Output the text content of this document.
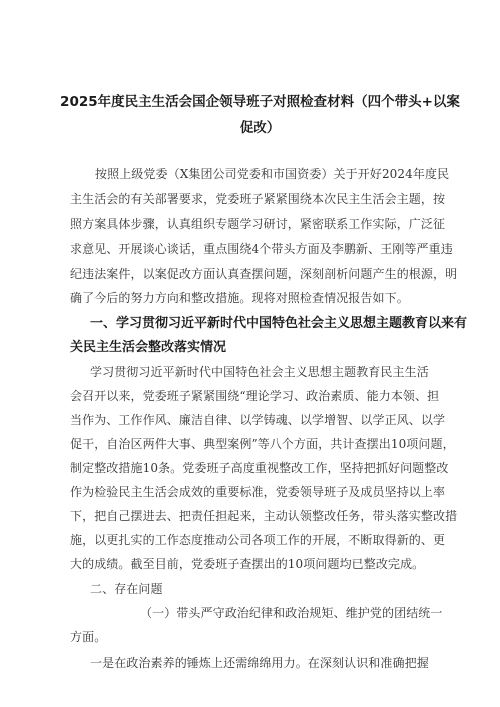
2025年度民主生活会国企领导班子对照检查材料（四个带头+以案
促改）
按照上级党委（X集团公司党委和市国资委）关于开好2024年度民
主生活会的有关部署要求，党委班子紧紧围绕本次民主生活会主题，按
照方案具体步骤，认真组织专题学习研讨，紧密联系工作实际，广泛征
求意见、开展谈心谈话，重点围绕4个带头方面及李鹏新、王刚等严重违
纪违法案件，以案促改方面认真查摆问题，深刻剖析问题产生的根源，明
确了今后的努力方向和整改措施。现将对照检查情况报告如下。
一、学习贯彻习近平新时代中国特色社会主义思想主题教育以来有
关民主生活会整改落实情况
学习贯彻习近平新时代中国特色社会主义思想主题教育民主生活
会召开以来，党委班子紧紧围绕“理论学习、政治素质、能力本领、担
当作为、工作作风、廉洁自律、以学铸魂、以学增智、以学正风、以学
促干，自治区两件大事、典型案例”等八个方面，共计查摆出10项问题，
制定整改措施10条。党委班子高度重视整改工作，坚持把抓好问题整改
作为检验民主生活会成效的重要标准，党委领导班子及成员坚持以上率
下，把自己摆进去、把责任担起来，主动认领整改任务，带头落实整改措
施，以更扎实的工作态度推动公司各项工作的开展，不断取得新的、更
大的成绩。截至目前，党委班子查摆出的10项问题均已整改完成。
二、存在问题
（一）带头严守政治纪律和政治规矩、维护党的团结统一
方面。
一是在政治素养的锤炼上还需绵绵用力。在深刻认识和准确把握
